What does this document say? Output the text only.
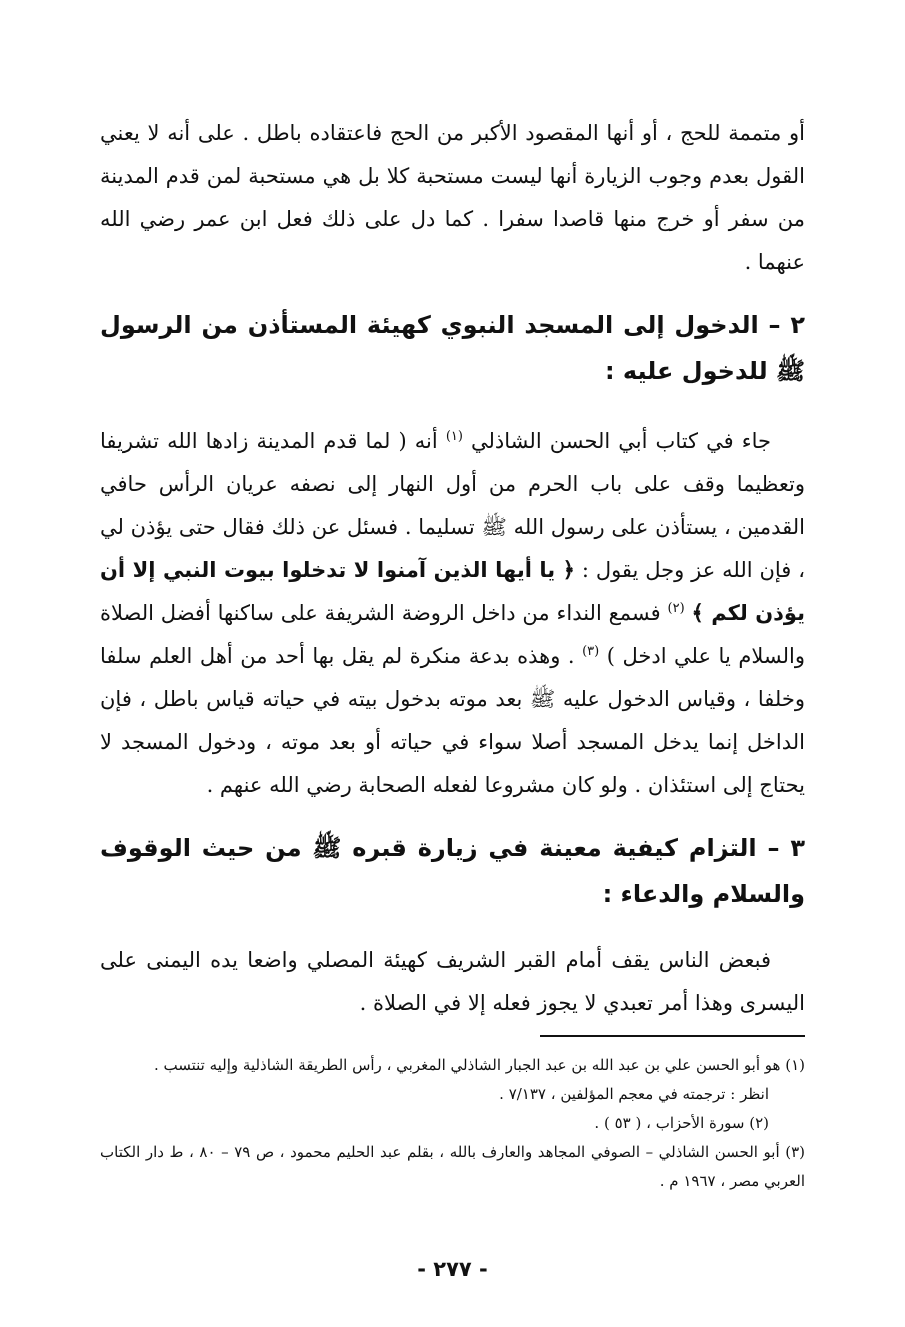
أو متممة للحج ، أو أنها المقصود الأكبر من الحج فاعتقاده باطل . على أنه لا يعني القول بعدم وجوب الزيارة أنها ليست مستحبة كلا بل هي مستحبة لمن قدم المدينة من سفر أو خرج منها قاصدا سفرا . كما دل على ذلك فعل ابن عمر رضي الله عنهما .

٢ – الدخول إلى المسجد النبوي كهيئة المستأذن من الرسول ﷺ للدخول عليه :

جاء في كتاب أبي الحسن الشاذلي $^{(١)}$ أنه ( لما قدم المدينة زادها الله تشريفا وتعظيما وقف على باب الحرم من أول النهار إلى نصفه عريان الرأس حافي القدمين ، يستأذن على رسول الله ﷺ تسليما . فسئل عن ذلك فقال حتى يؤذن لي ، فإن الله عز وجل يقول : ﴿ يا أيها الذين آمنوا لا تدخلوا بيوت النبي إلا أن يؤذن لكم ﴾ $^{(٢)}$ فسمع النداء من داخل الروضة الشريفة على ساكنها أفضل الصلاة والسلام يا علي ادخل ) $^{(٣)}$ . وهذه بدعة منكرة لم يقل بها أحد من أهل العلم سلفا وخلفا ، وقياس الدخول عليه ﷺ بعد موته بدخول بيته في حياته قياس باطل ، فإن الداخل إنما يدخل المسجد أصلا سواء في حياته أو بعد موته ، ودخول المسجد لا يحتاج إلى استئذان . ولو كان مشروعا لفعله الصحابة رضي الله عنهم .

٣ – التزام كيفية معينة في زيارة قبره ﷺ من حيث الوقوف والسلام والدعاء :

فبعض الناس يقف أمام القبر الشريف كهيئة المصلي واضعا يده اليمنى على اليسرى وهذا أمر تعبدي لا يجوز فعله إلا في الصلاة .

(١) هو أبو الحسن علي بن عبد الله بن عبد الجبار الشاذلي المغربي ، رأس الطريقة الشاذلية وإليه تنتسب .

انظر : ترجمته في معجم المؤلفين ، ٧/١٣٧ .

(٢) سورة الأحزاب ، ( ٥٣ ) .

(٣) أبو الحسن الشاذلي – الصوفي المجاهد والعارف بالله ، بقلم عبد الحليم محمود ، ص ٧٩ – ٨٠ ، ط دار الكتاب العربي مصر ، ١٩٦٧ م .

- ٢٧٧ -
